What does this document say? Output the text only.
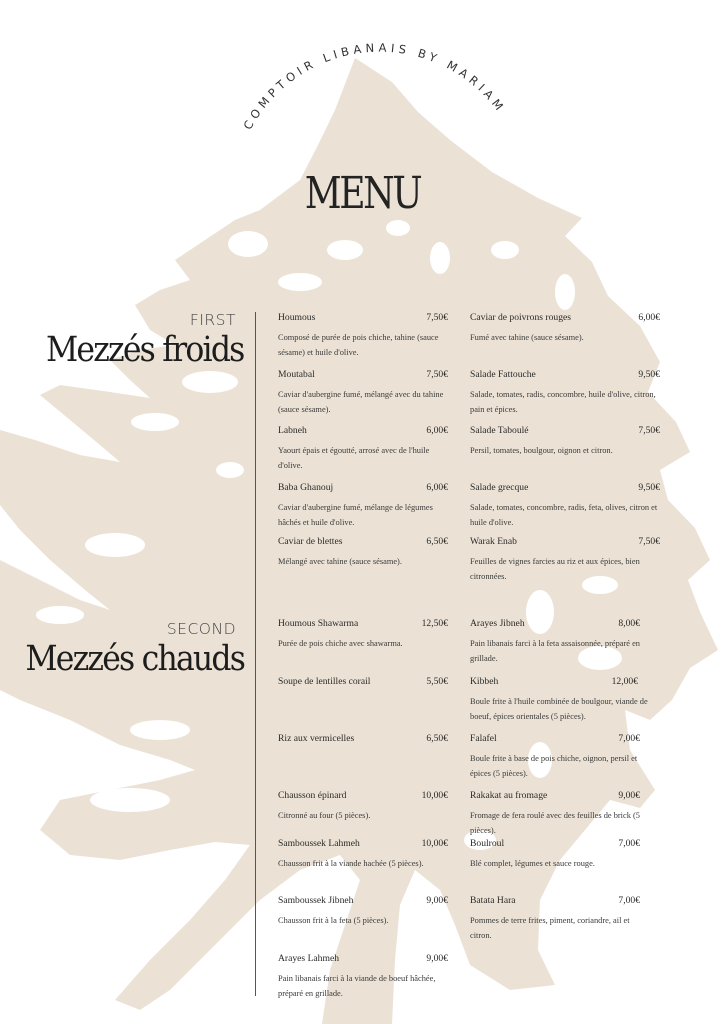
COMPTOIR LIBANAIS BY MARIAM
MENU
FIRST
Mezzés froids
SECOND
Mezzés chauds
Houmous	7,50€
Composé de purée de pois chiche, tahine (sauce sésame) et huile d'olive.
Caviar de poivrons rouges	6,00€
Fumé avec tahine (sauce sésame).
Moutabal	7,50€
Caviar d'aubergine fumé, mélangé avec du tahine (sauce sésame).
Salade Fattouche	9,50€
Salade, tomates, radis, concombre, huile d'olive, citron, pain et épices.
Labneh	6,00€
Yaourt épais et égoutté, arrosé avec de l'huile d'olive.
Salade Taboulé	7,50€
Persil, tomates, boulgour, oignon et citron.
Baba Ghanouj	6,00€
Caviar d'aubergine fumé, mélange de légumes hâchés et huile d'olive.
Salade grecque	9,50€
Salade, tomates, concombre, radis, feta, olives, citron et huile d'olive.
Caviar de blettes	6,50€
Mélangé avec tahine (sauce sésame).
Warak Enab	7,50€
Feuilles de vignes farcies au riz et aux épices, bien citronnées.
Houmous Shawarma	12,50€
Purée de pois chiche avec shawarma.
Arayes Jibneh	8,00€
Pain libanais farci à la feta assaisonnée, préparé en grillade.
Soupe de lentilles corail	5,50€ Kibbeh	12,00€
Boule frite à l'huile combinée de boulgour, viande de boeuf, épices orientales (5 pièces).
Riz aux vermicelles	6,50€ Falafel	7,00€
Boule frite à base de pois chiche, oignon, persil et épices (5 pièces).
Chausson épinard	10,00€
Citronné au four (5 pièces).
Rakakat au fromage	9,00€
Fromage de fera roulé avec des feuilles de brick (5 pièces).
Samboussek Lahmeh	10,00€
Chausson frit à la viande hachée (5 pièces).
Boulroul	7,00€
Blé complet, légumes et sauce rouge.
Samboussek Jibneh	9,00€
Chausson frit à la feta (5 pièces).
Batata Hara	7,00€
Pommes de terre frites, piment, coriandre, ail et citron.
Arayes Lahmeh	9,00€
Pain libanais farci à la viande de boeuf hâchée, préparé en grillade.
